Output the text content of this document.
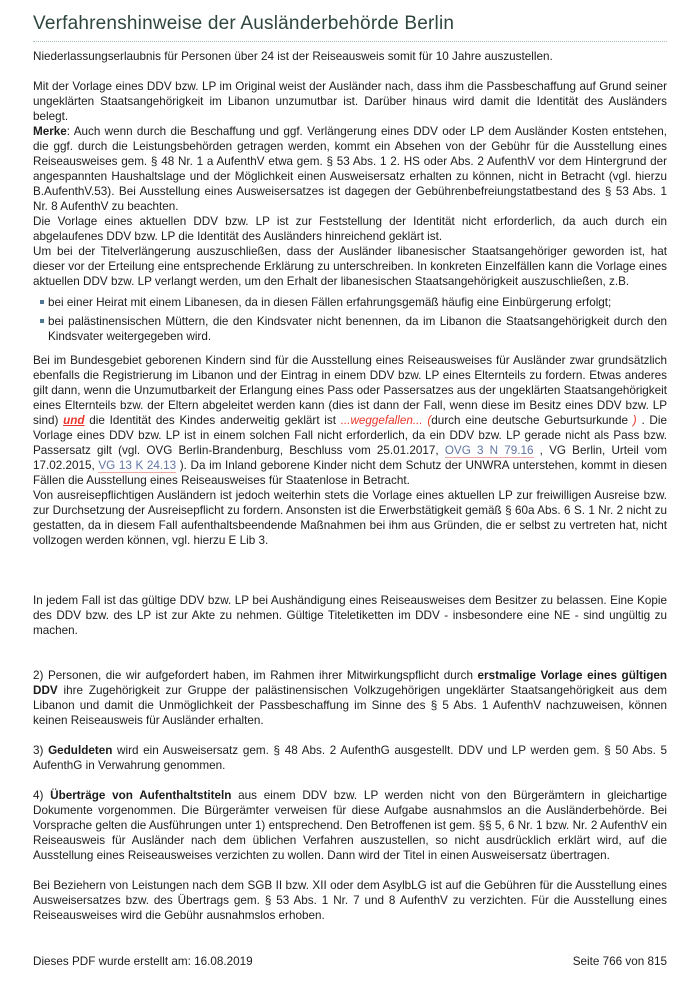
Verfahrenshinweise der Ausländerbehörde Berlin

Niederlassungserlaubnis für Personen über 24 ist der Reiseausweis somit für 10 Jahre auszustellen.

Mit der Vorlage eines DDV bzw. LP im Original weist der Ausländer nach, dass ihm die Passbeschaffung auf Grund seiner ungeklärten Staatsangehörigkeit im Libanon unzumutbar ist. Darüber hinaus wird damit die Identität des Ausländers belegt.

Merke: Auch wenn durch die Beschaffung und ggf. Verlängerung eines DDV oder LP dem Ausländer Kosten entstehen, die ggf. durch die Leistungsbehörden getragen werden, kommt ein Absehen von der Gebühr für die Ausstellung eines Reiseausweises gem. § 48 Nr. 1 a AufenthV etwa gem. § 53 Abs. 1 2. HS oder Abs. 2 AufenthV vor dem Hintergrund der angespannten Haushaltslage und der Möglichkeit einen Ausweisersatz erhalten zu können, nicht in Betracht (vgl. hierzu B.AufenthV.53). Bei Ausstellung eines Ausweisersatzes ist dagegen der Gebührenbefreiungstatbestand des § 53 Abs. 1 Nr. 8 AufenthV zu beachten.

Die Vorlage eines aktuellen DDV bzw. LP ist zur Feststellung der Identität nicht erforderlich, da auch durch ein abgelaufenes DDV bzw. LP die Identität des Ausländers hinreichend geklärt ist.

Um bei der Titelverlängerung auszuschließen, dass der Ausländer libanesischer Staatsangehöriger geworden ist, hat dieser vor der Erteilung eine entsprechende Erklärung zu unterschreiben. In konkreten Einzelfällen kann die Vorlage eines aktuellen DDV bzw. LP verlangt werden, um den Erhalt der libanesischen Staatsangehörigkeit auszuschließen, z.B.

bei einer Heirat mit einem Libanesen, da in diesen Fällen erfahrungsgemäß häufig eine Einbürgerung erfolgt;
bei palästinensischen Müttern, die den Kindsvater nicht benennen, da im Libanon die Staatsangehörigkeit durch den Kindsvater weitergegeben wird.

Bei im Bundesgebiet geborenen Kindern sind für die Ausstellung eines Reiseausweises für Ausländer zwar grundsätzlich ebenfalls die Registrierung im Libanon und der Eintrag in einem DDV bzw. LP eines Elternteils zu fordern. Etwas anderes gilt dann, wenn die Unzumutbarkeit der Erlangung eines Pass oder Passersatzes aus der ungeklärten Staatsangehörigkeit eines Elternteils bzw. der Eltern abgeleitet werden kann (dies ist dann der Fall, wenn diese im Besitz eines DDV bzw. LP sind) und die Identität des Kindes anderweitig geklärt ist ...weggefallen... (durch eine deutsche Geburtsurkunde ) . Die Vorlage eines DDV bzw. LP ist in einem solchen Fall nicht erforderlich, da ein DDV bzw. LP gerade nicht als Pass bzw. Passersatz gilt (vgl. OVG Berlin-Brandenburg, Beschluss vom 25.01.2017, OVG 3 N 79.16 , VG Berlin, Urteil vom 17.02.2015, VG 13 K 24.13 ). Da im Inland geborene Kinder nicht dem Schutz der UNWRA unterstehen, kommt in diesen Fällen die Ausstellung eines Reiseausweises für Staatenlose in Betracht.

Von ausreisepflichtigen Ausländern ist jedoch weiterhin stets die Vorlage eines aktuellen LP zur freiwilligen Ausreise bzw. zur Durchsetzung der Ausreisepflicht zu fordern. Ansonsten ist die Erwerbstätigkeit gemäß § 60a Abs. 6 S. 1 Nr. 2 nicht zu gestatten, da in diesem Fall aufenthaltsbeendende Maßnahmen bei ihm aus Gründen, die er selbst zu vertreten hat, nicht vollzogen werden können, vgl. hierzu E Lib 3.

In jedem Fall ist das gültige DDV bzw. LP bei Aushändigung eines Reiseausweises dem Besitzer zu belassen. Eine Kopie des DDV bzw. des LP ist zur Akte zu nehmen. Gültige Titeletiketten im DDV - insbesondere eine NE - sind ungültig zu machen.

2) Personen, die wir aufgefordert haben, im Rahmen ihrer Mitwirkungspflicht durch erstmalige Vorlage eines gültigen DDV ihre Zugehörigkeit zur Gruppe der palästinensischen Volkzugehörigen ungeklärter Staatsangehörigkeit aus dem Libanon und damit die Unmöglichkeit der Passbeschaffung im Sinne des § 5 Abs. 1 AufenthV nachzuweisen, können keinen Reiseausweis für Ausländer erhalten.

3) Geduldeten wird ein Ausweisersatz gem. § 48 Abs. 2 AufenthG ausgestellt. DDV und LP werden gem. § 50 Abs. 5 AufenthG in Verwahrung genommen.

4) Überträge von Aufenthaltstiteln aus einem DDV bzw. LP werden nicht von den Bürgerämtern in gleichartige Dokumente vorgenommen. Die Bürgerämter verweisen für diese Aufgabe ausnahmslos an die Ausländerbehörde. Bei Vorsprache gelten die Ausführungen unter 1) entsprechend. Den Betroffenen ist gem. §§ 5, 6 Nr. 1 bzw. Nr. 2 AufenthV ein Reiseausweis für Ausländer nach dem üblichen Verfahren auszustellen, so nicht ausdrücklich erklärt wird, auf die Ausstellung eines Reiseausweises verzichten zu wollen. Dann wird der Titel in einen Ausweisersatz übertragen.

Bei Beziehern von Leistungen nach dem SGB II bzw. XII oder dem AsylbLG ist auf die Gebühren für die Ausstellung eines Ausweisersatzes bzw. des Übertrags gem. § 53 Abs. 1 Nr. 7 und 8 AufenthV zu verzichten. Für die Ausstellung eines Reiseausweises wird die Gebühr ausnahmslos erhoben.

Dieses PDF wurde erstellt am: 16.08.2019	Seite 766 von 815
